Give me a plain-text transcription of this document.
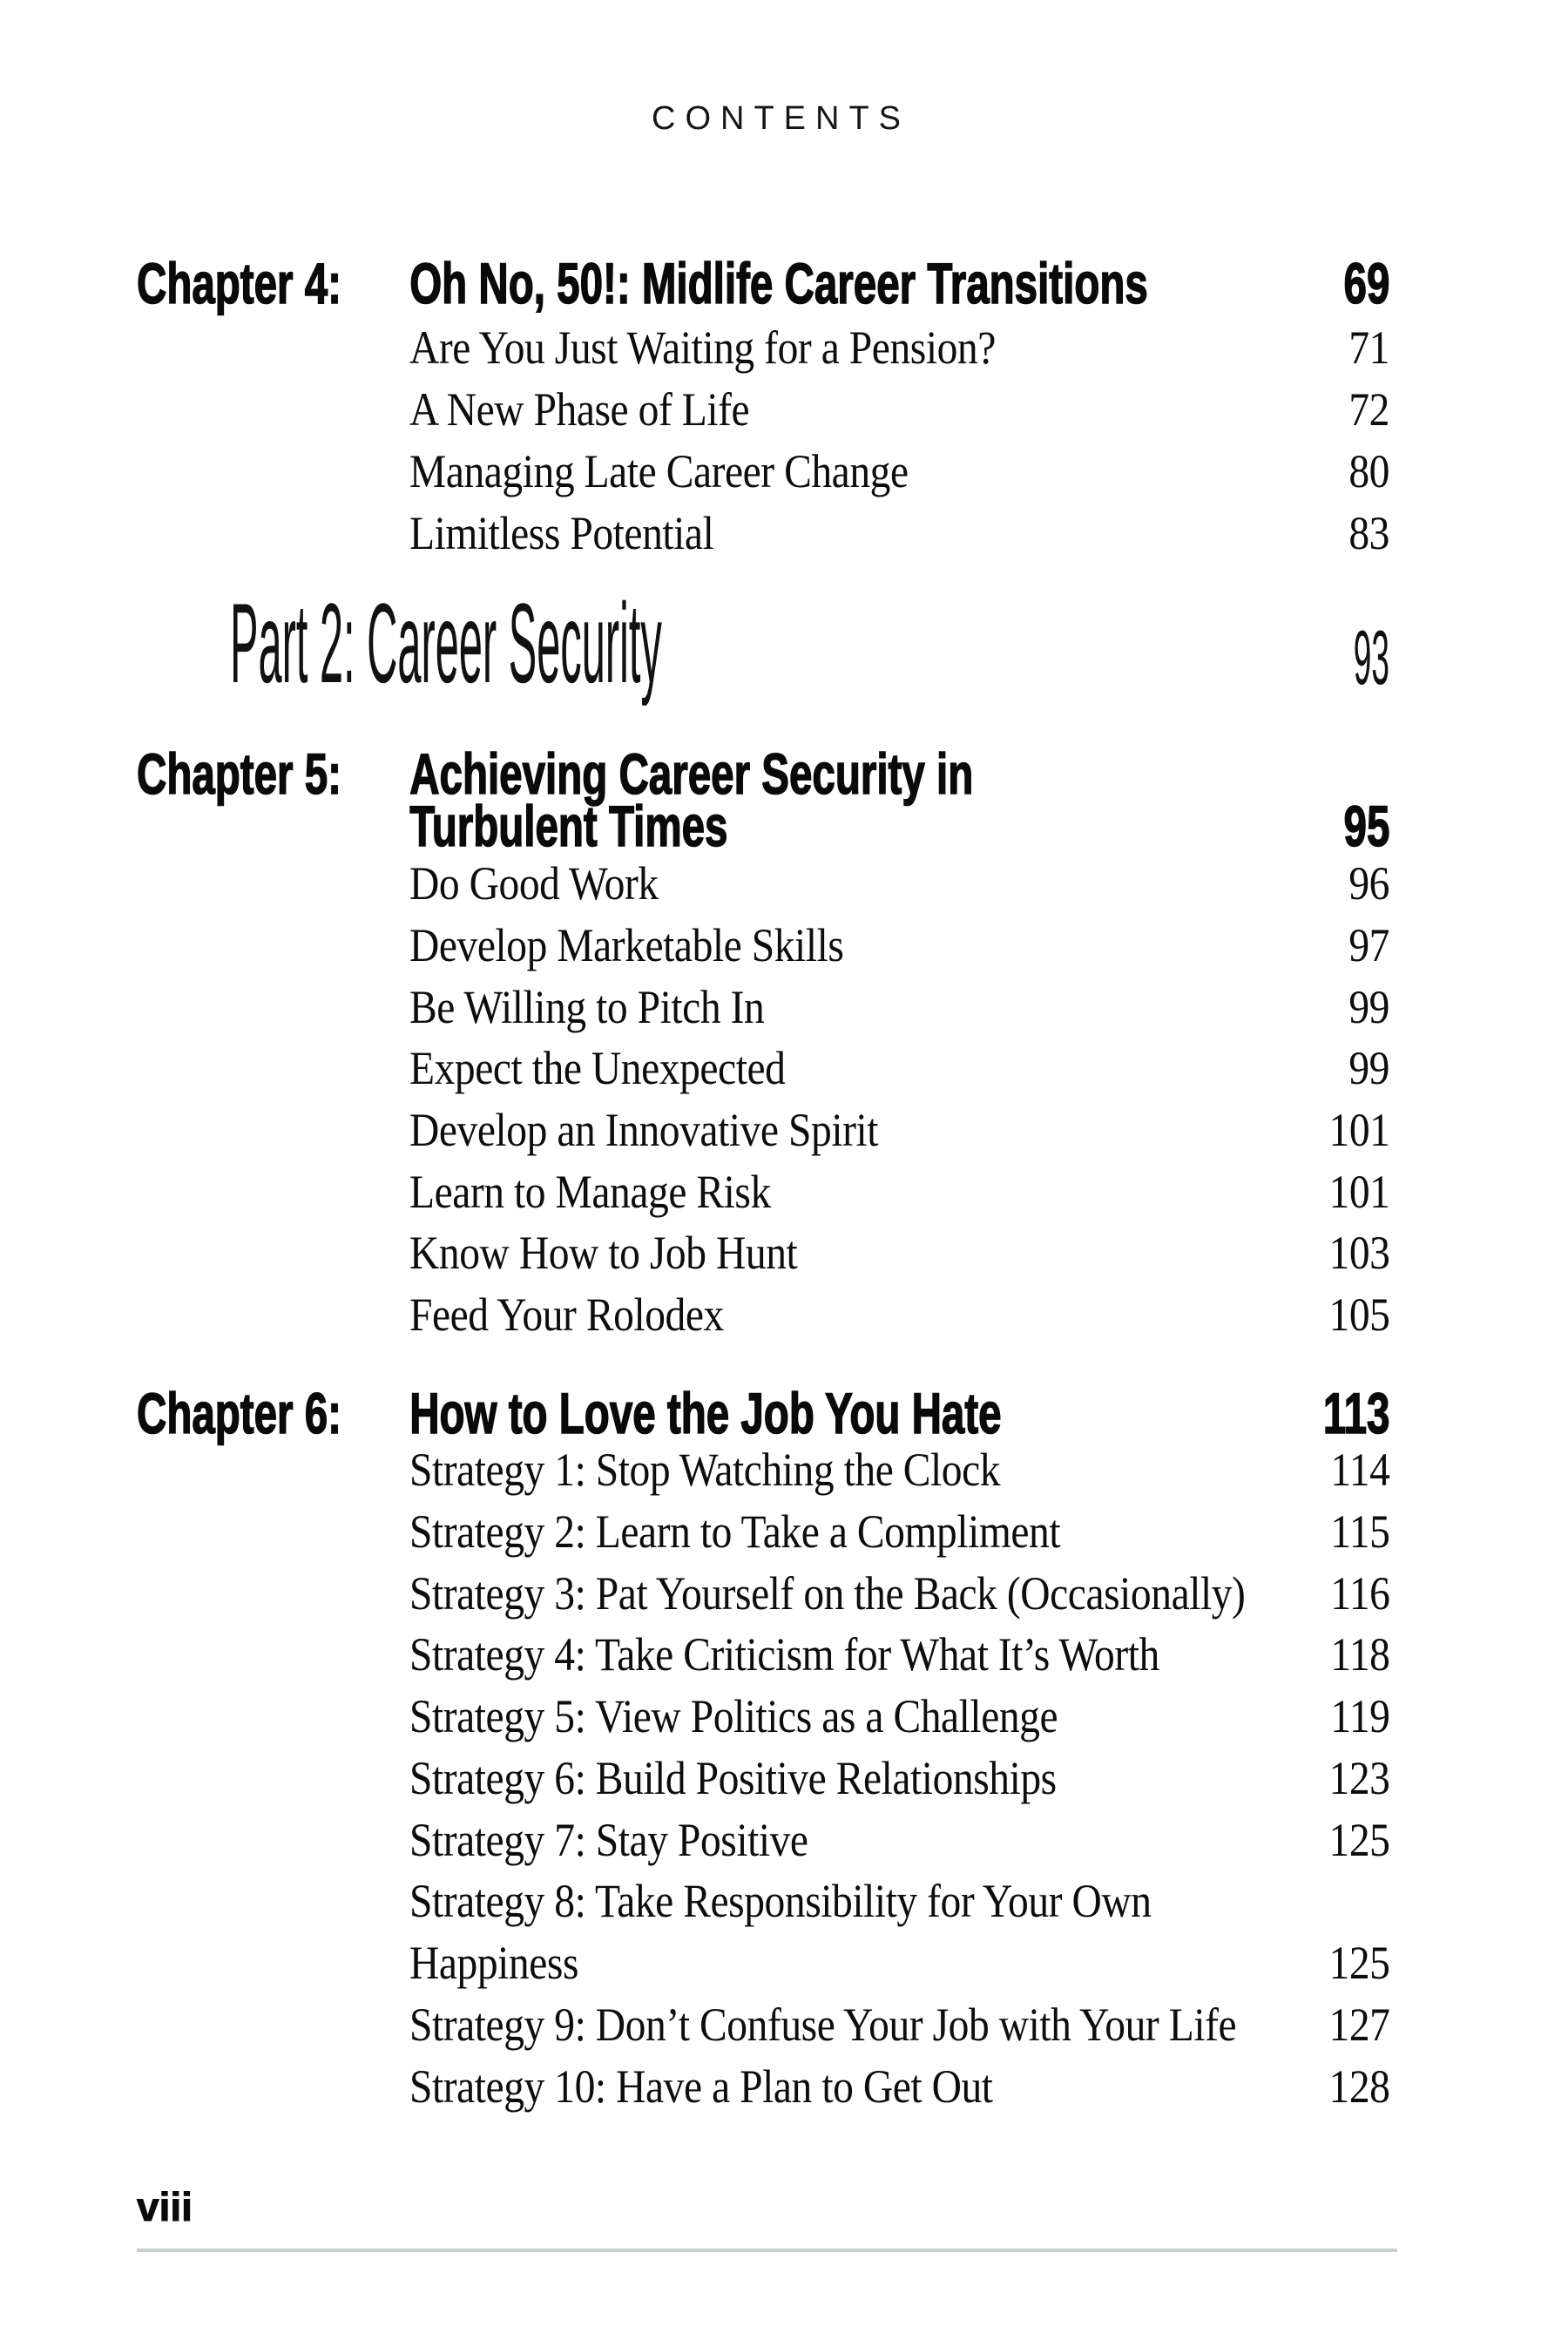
CONTENTS
Chapter 4:	Oh No, 50!: Midlife Career Transitions	69
Are You Just Waiting for a Pension?	71
A New Phase of Life	72
Managing Late Career Change	80
Limitless Potential	83
Part 2: Career Security	93
Chapter 5:	Achieving Career Security in
Turbulent Times	95
Do Good Work	96
Develop Marketable Skills	97
Be Willing to Pitch In	99
Expect the Unexpected	99
Develop an Innovative Spirit	101
Learn to Manage Risk	101
Know How to Job Hunt	103
Feed Your Rolodex	105
Chapter 6:	How to Love the Job You Hate	113
Strategy 1: Stop Watching the Clock	114
Strategy 2: Learn to Take a Compliment	115
Strategy 3: Pat Yourself on the Back (Occasionally) 116
Strategy 4: Take Criticism for What It’s Worth	118
Strategy 5: View Politics as a Challenge	119
Strategy 6: Build Positive Relationships	123
Strategy 7: Stay Positive	125
Strategy 8: Take Responsibility for Your Own
Happiness	125
Strategy 9: Don’t Confuse Your Job with Your Life 127
Strategy 10: Have a Plan to Get Out	128
viii
